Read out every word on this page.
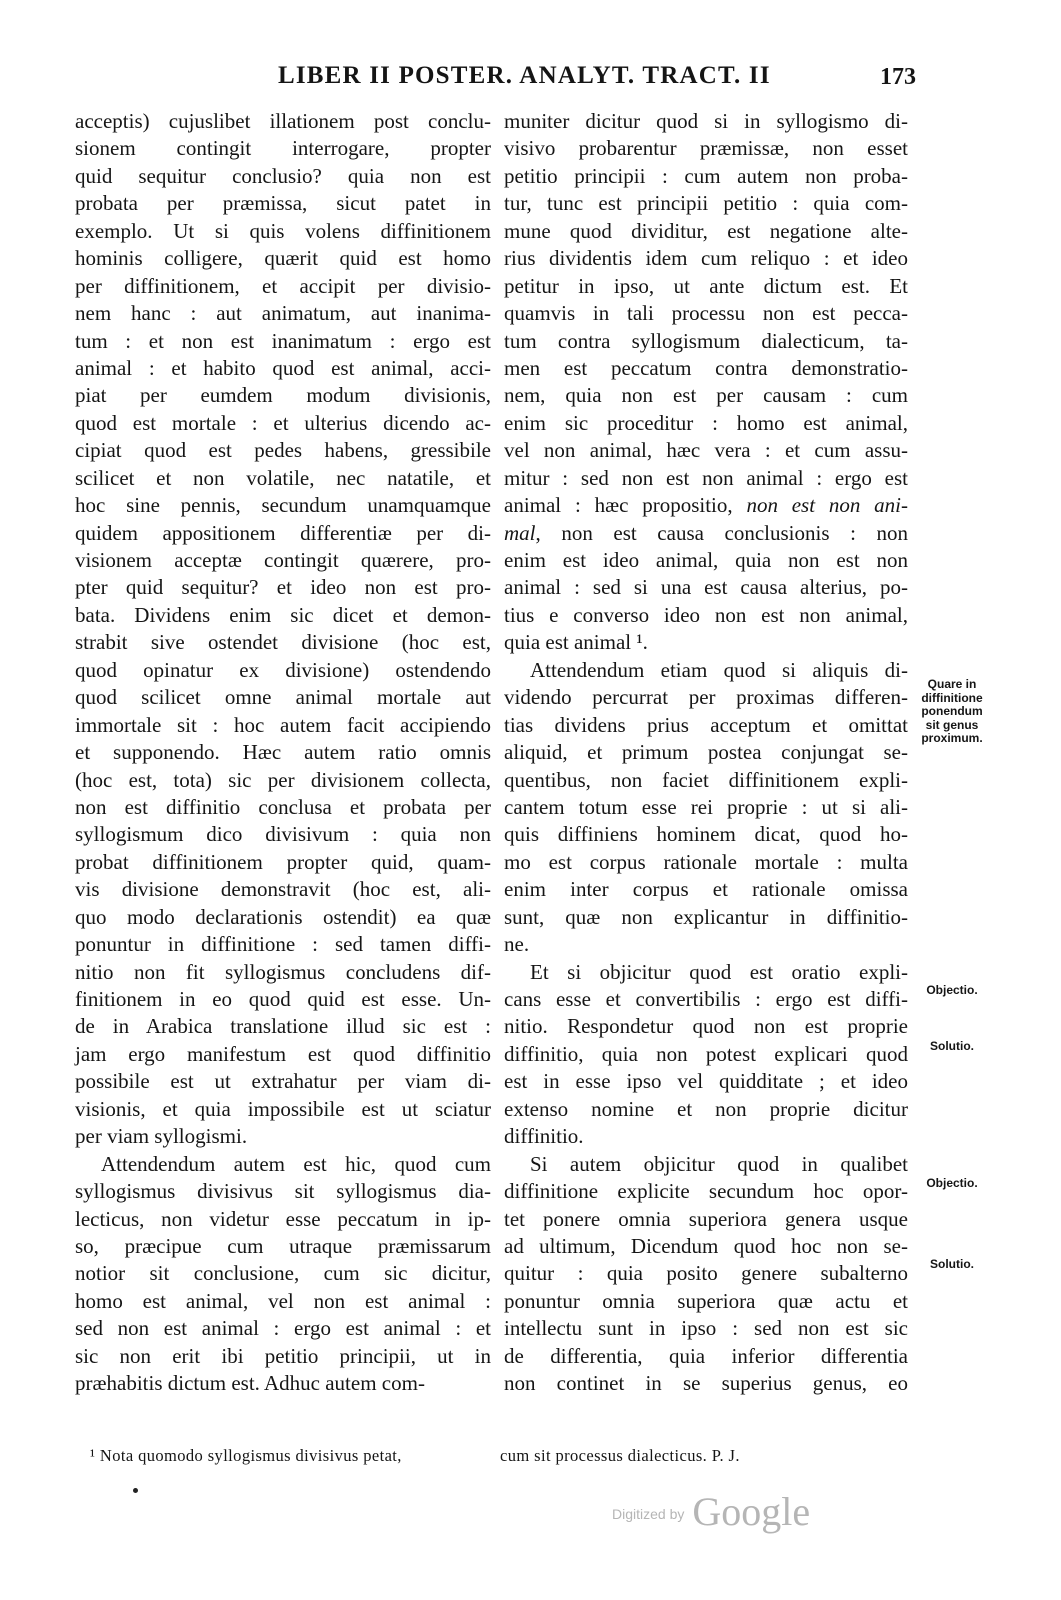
LIBER II POSTER. ANALYT. TRACT. II	173
acceptis) cujuslibet illationem post conclu-
sionem contingit interrogare, propter
quid sequitur conclusio? quia non est
probata per præmissa, sicut patet in
exemplo. Ut si quis volens diffinitionem
hominis colligere, quærit quid est homo
per diffinitionem, et accipit per divisio-
nem hanc : aut animatum, aut inanima-
tum : et non est inanimatum : ergo est
animal : et habito quod est animal, acci-
piat per eumdem modum divisionis,
quod est mortale : et ulterius dicendo ac-
cipiat quod est pedes habens, gressibile
scilicet et non volatile, nec natatile, et
hoc sine pennis, secundum unamquamque
quidem appositionem differentiæ per di-
visionem acceptæ contingit quærere, pro-
pter quid sequitur? et ideo non est pro-
bata. Dividens enim sic dicet et demon-
strabit sive ostendet divisione (hoc est,
quod opinatur ex divisione) ostendendo
quod scilicet omne animal mortale aut
immortale sit : hoc autem facit accipiendo
et supponendo. Hæc autem ratio omnis
(hoc est, tota) sic per divisionem collecta,
non est diffinitio conclusa et probata per
syllogismum dico divisivum : quia non
probat diffinitionem propter quid, quam-
vis divisione demonstravit (hoc est, ali-
quo modo declarationis ostendit) ea quæ
ponuntur in diffinitione : sed tamen diffi-
nitio non fit syllogismus concludens dif-
finitionem in eo quod quid est esse. Un-
de in Arabica translatione illud sic est :
jam ergo manifestum est quod diffinitio
possibile est ut extrahatur per viam di-
visionis, et quia impossibile est ut sciatur
per viam syllogismi.
Attendendum autem est hic, quod cum
syllogismus divisivus sit syllogismus dia-
lecticus, non videtur esse peccatum in ip-
so, præcipue cum utraque præmissarum
notior sit conclusione, cum sic dicitur,
homo est animal, vel non est animal :
sed non est animal : ergo est animal : et
sic non erit ibi petitio principii, ut in
præhabitis dictum est. Adhuc autem com-
muniter dicitur quod si in syllogismo di-
visivo probarentur præmissæ, non esset
petitio principii : cum autem non proba-
tur, tunc est principii petitio : quia com-
mune quod dividitur, est negatione alte-
rius dividentis idem cum reliquo : et ideo
petitur in ipso, ut ante dictum est. Et
quamvis in tali processu non est pecca-
tum contra syllogismum dialecticum, ta-
men est peccatum contra demonstratio-
nem, quia non est per causam : cum
enim sic proceditur : homo est animal,
vel non animal, hæc vera : et cum assu-
mitur : sed non est non animal : ergo est
animal : hæc propositio, non est non ani-
mal, non est causa conclusionis : non
enim est ideo animal, quia non est non
animal : sed si una est causa alterius, po-
tius e converso ideo non est non animal,
quia est animal ¹.
Attendendum etiam quod si aliquis di-
videndo percurrat per proximas differen-
tias dividens prius acceptum et omittat
aliquid, et primum postea conjungat se-
quentibus, non faciet diffinitionem expli-
cantem totum esse rei proprie : ut si ali-
quis diffiniens hominem dicat, quod ho-
mo est corpus rationale mortale : multa
enim inter corpus et rationale omissa
sunt, quæ non explicantur in diffinitio-
ne.
Et si objicitur quod est oratio expli-
cans esse et convertibilis : ergo est diffi-
nitio. Respondetur quod non est proprie
diffinitio, quia non potest explicari quod
est in esse ipso vel quidditate ; et ideo
extenso nomine et non proprie dicitur
diffinitio.
Si autem objicitur quod in qualibet
diffinitione explicite secundum hoc opor-
tet ponere omnia superiora genera usque
ad ultimum, Dicendum quod hoc non se-
quitur : quia posito genere subalterno
ponuntur omnia superiora quæ actu et
intellectu sunt in ipso : sed non est sic
de differentia, quia inferior differentia
non continet in se superius genus, eo
Quare in
diffinitione
ponendum
sit genus
proximum.
Objectio.
Solutio.
Objectio.
Solutio.
¹ Nota quomodo syllogismus divisivus petat,	cum sit processus dialecticus. P. J.
Digitized by Google
